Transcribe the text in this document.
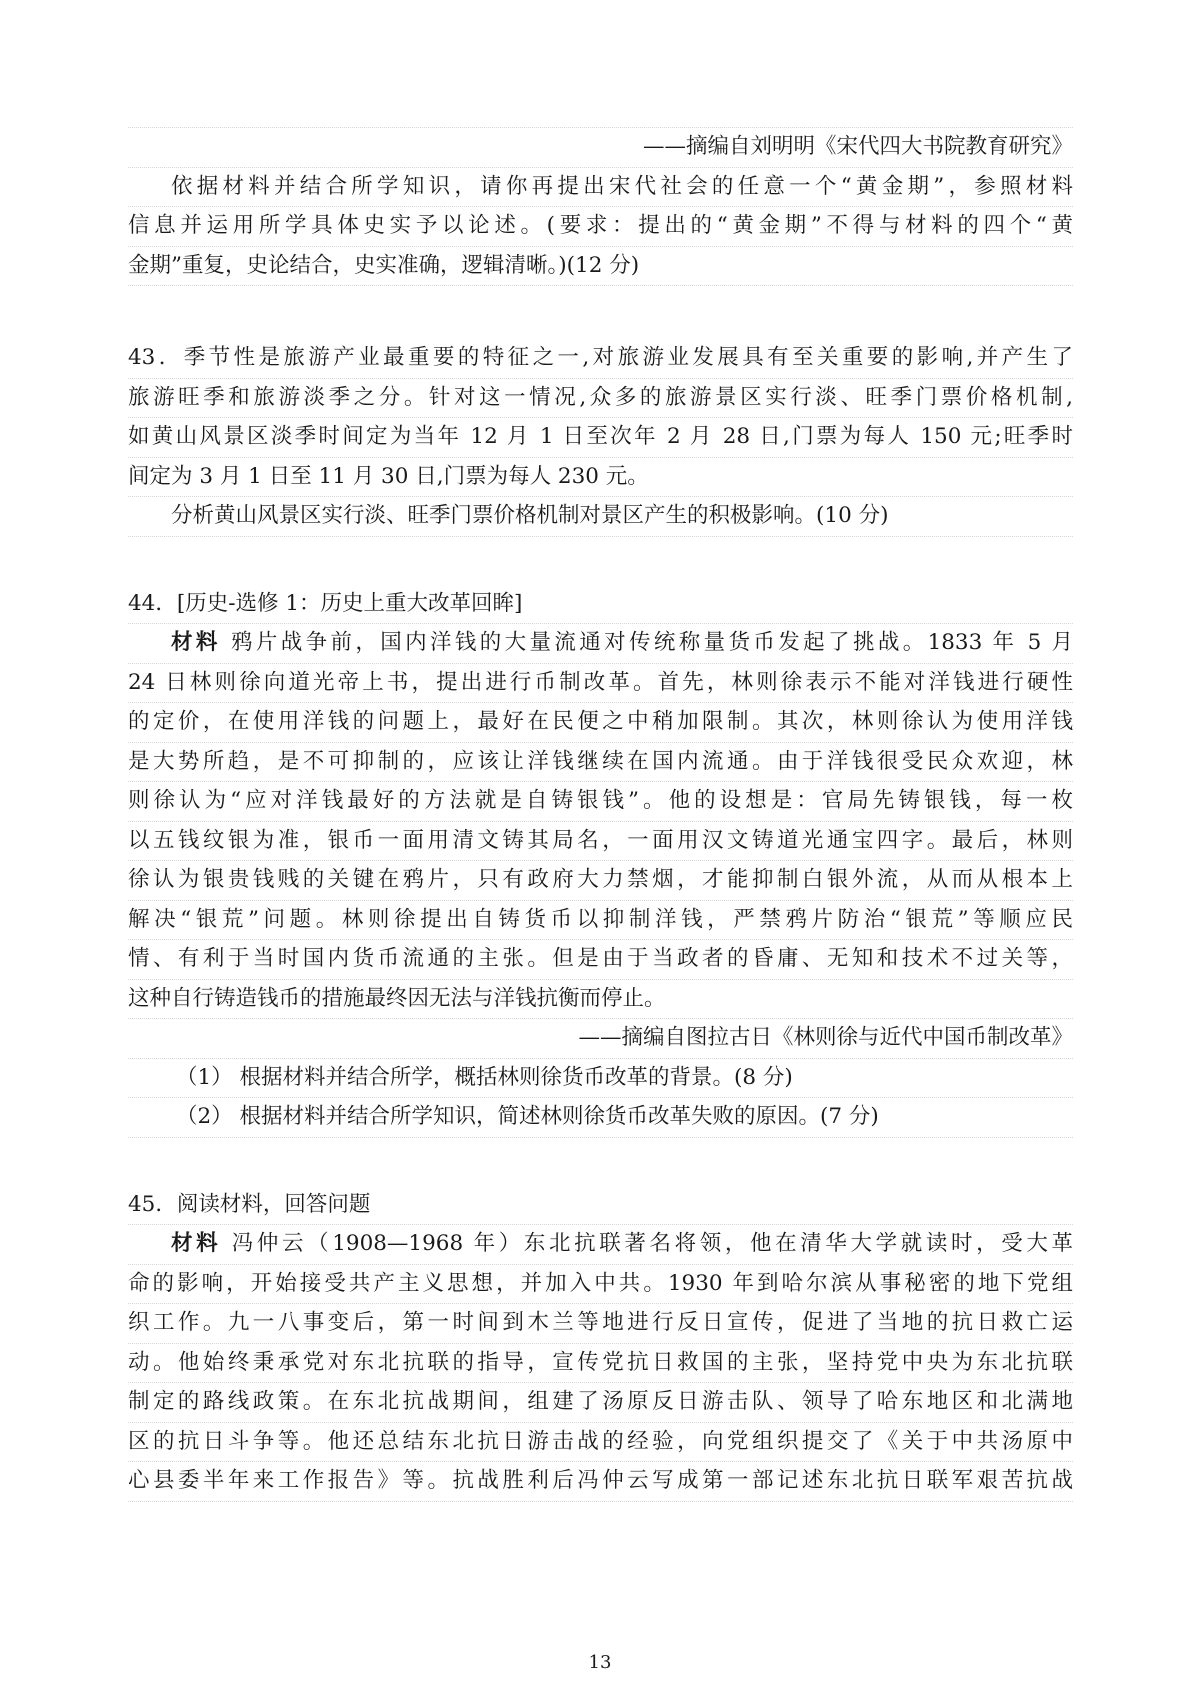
——摘编自刘明明《宋代四大书院教育研究》
依据材料并结合所学知识，请你再提出宋代社会的任意一个“黄金期”，参照材料
信息并运用所学具体史实予以论述。(要求：提出的“黄金期”不得与材料的四个“黄
金期”重复，史论结合，史实准确，逻辑清晰。)(12 分)
43．季节性是旅游产业最重要的特征之一,对旅游业发展具有至关重要的影响,并产生了
旅游旺季和旅游淡季之分。针对这一情况,众多的旅游景区实行淡、旺季门票价格机制,
如黄山风景区淡季时间定为当年 12 月 1 日至次年 2 月 28 日,门票为每人 150 元;旺季时
间定为 3 月 1 日至 11 月 30 日,门票为每人 230 元。
分析黄山风景区实行淡、旺季门票价格机制对景区产生的积极影响。(10 分)
44．[历史-选修 1：历史上重大改革回眸]
材料 鸦片战争前，国内洋钱的大量流通对传统称量货币发起了挑战。1833 年 5 月
24 日林则徐向道光帝上书，提出进行币制改革。首先，林则徐表示不能对洋钱进行硬性
的定价，在使用洋钱的问题上，最好在民便之中稍加限制。其次，林则徐认为使用洋钱
是大势所趋，是不可抑制的，应该让洋钱继续在国内流通。由于洋钱很受民众欢迎，林
则徐认为“应对洋钱最好的方法就是自铸银钱”。他的设想是：官局先铸银钱，每一枚
以五钱纹银为准，银币一面用清文铸其局名，一面用汉文铸道光通宝四字。最后，林则
徐认为银贵钱贱的关键在鸦片，只有政府大力禁烟，才能抑制白银外流，从而从根本上
解决“银荒”问题。林则徐提出自铸货币以抑制洋钱，严禁鸦片防治“银荒”等顺应民
情、有利于当时国内货币流通的主张。但是由于当政者的昏庸、无知和技术不过关等，
这种自行铸造钱币的措施最终因无法与洋钱抗衡而停止。
——摘编自图拉古日《林则徐与近代中国币制改革》
（1） 根据材料并结合所学，概括林则徐货币改革的背景。(8 分)
（2） 根据材料并结合所学知识，简述林则徐货币改革失败的原因。(7 分)
45．阅读材料，回答问题
材料 冯仲云（1908—1968 年）东北抗联著名将领，他在清华大学就读时，受大革
命的影响，开始接受共产主义思想，并加入中共。1930 年到哈尔滨从事秘密的地下党组
织工作。九一八事变后，第一时间到木兰等地进行反日宣传，促进了当地的抗日救亡运
动。他始终秉承党对东北抗联的指导，宣传党抗日救国的主张，坚持党中央为东北抗联
制定的路线政策。在东北抗战期间，组建了汤原反日游击队、领导了哈东地区和北满地
区的抗日斗争等。他还总结东北抗日游击战的经验，向党组织提交了《关于中共汤原中
心县委半年来工作报告》等。抗战胜利后冯仲云写成第一部记述东北抗日联军艰苦抗战
13
